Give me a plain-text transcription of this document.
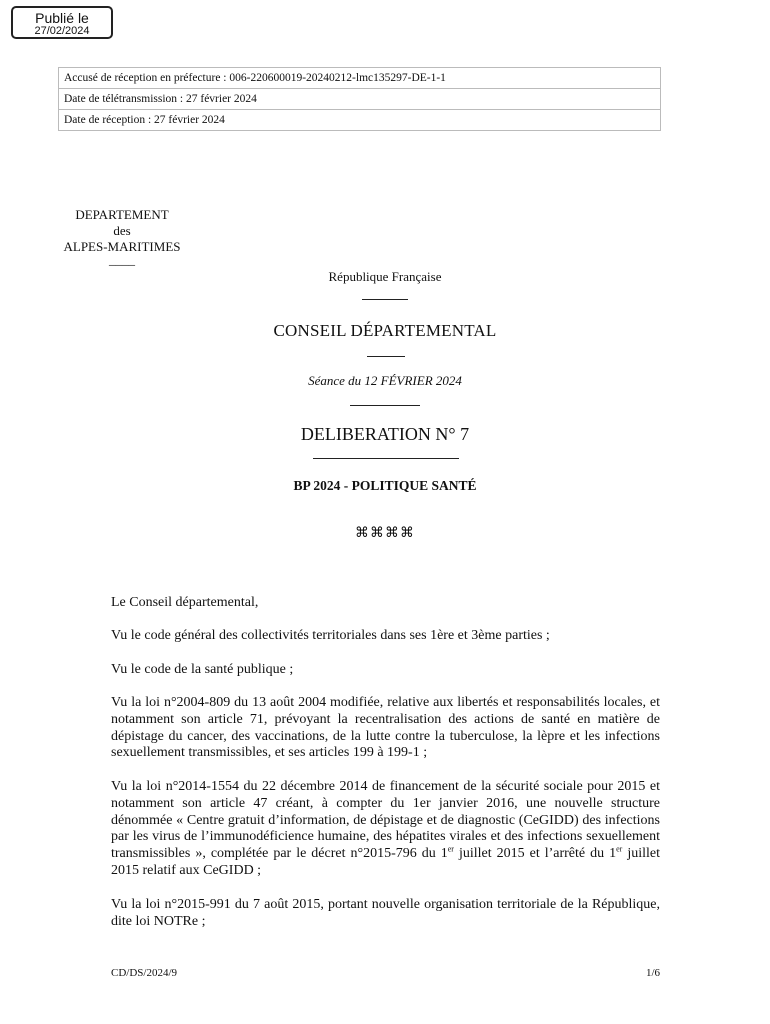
Publié le
27/02/2024
Accusé de réception en préfecture : 006-220600019-20240212-lmc135297-DE-1-1
Date de télétransmission : 27 février 2024
Date de réception : 27 février 2024
DEPARTEMENT
des
ALPES-MARITIMES
____
République Française
CONSEIL DÉPARTEMENTAL
Séance du 12 FÉVRIER 2024
DELIBERATION N° 7
BP 2024 - POLITIQUE SANTÉ
⌘⌘⌘⌘

Le Conseil départemental,

Vu le code général des collectivités territoriales dans ses 1ère et 3ème parties ;

Vu le code de la santé publique ;

Vu la loi n°2004-809 du 13 août 2004 modifiée, relative aux libertés et responsabilités locales, et notamment son article 71, prévoyant la recentralisation des actions de santé en matière de dépistage du cancer, des vaccinations, de la lutte contre la tuberculose, la lèpre et les infections sexuellement transmissibles, et ses articles 199 à 199-1 ;

Vu la loi n°2014-1554 du 22 décembre 2014 de financement de la sécurité sociale pour 2015 et notamment son article 47 créant, à compter du 1er janvier 2016, une nouvelle structure dénommée « Centre gratuit d’information, de dépistage et de diagnostic (CeGIDD) des infections par les virus de l’immunodéficience humaine, des hépatites virales et des infections sexuellement transmissibles », complétée par le décret n°2015-796 du 1er juillet 2015 et l’arrêté du 1er juillet 2015 relatif aux CeGIDD ;

Vu la loi n°2015-991 du 7 août 2015, portant nouvelle organisation territoriale de la République, dite loi NOTRe ;

CD/DS/2024/9	1/6
